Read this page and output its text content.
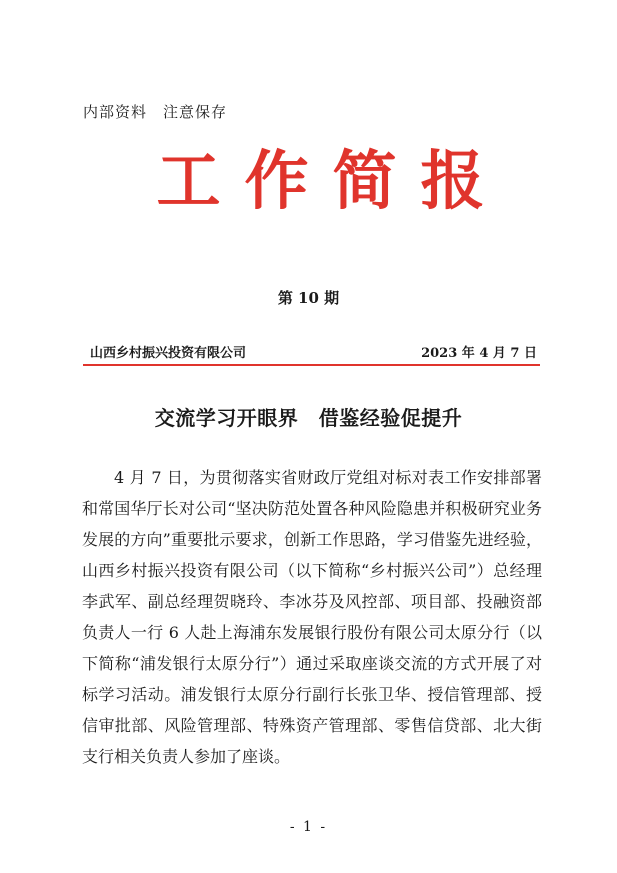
内部资料　注意保存
工作简报
第 10 期
山西乡村振兴投资有限公司	2023 年 4 月 7 日
交流学习开眼界　借鉴经验促提升

4 月 7 日，为贯彻落实省财政厅党组对标对表工作安排部署和常国华厅长对公司“坚决防范处置各种风险隐患并积极研究业务发展的方向”重要批示要求，创新工作思路，学习借鉴先进经验，山西乡村振兴投资有限公司（以下简称“乡村振兴公司”）总经理李武军、副总经理贺晓玲、李冰芬及风控部、项目部、投融资部负责人一行 6 人赴上海浦东发展银行股份有限公司太原分行（以下简称“浦发银行太原分行”）通过采取座谈交流的方式开展了对标学习活动。浦发银行太原分行副行长张卫华、授信管理部、授信审批部、风险管理部、特殊资产管理部、零售信贷部、北大街支行相关负责人参加了座谈。

- 1 -
